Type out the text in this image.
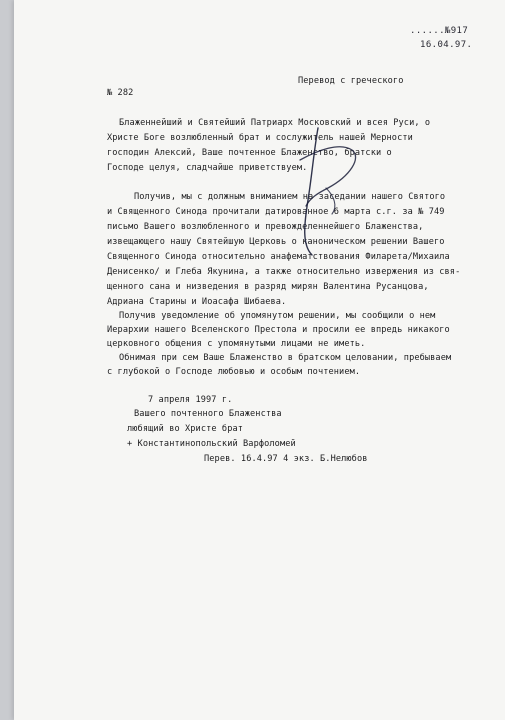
......№917
16.04.97.
Перевод с греческого
№ 282
Блаженнейший и Святейший Патриарх Московский и всея Руси, о
Христе Боге возлюбленный брат и сослужитель нашей Мерности
господин Алексий, Ваше почтенное Блаженство, братски о
Господе целуя, сладчайше приветствуем.
Получив, мы с должным вниманием на заседании нашего Святого
и Священного Синода прочитали датированное 6 марта с.г. за № 749
письмо Вашего возлюбленного и превожделеннейшего Блаженства,
извещающего нашу Святейшую Церковь о каноническом решении Вашего
Священного Синода относительно анафематствования Филарета/Михаила
Денисенко/ и Глеба Якунина, а также относительно извержения из свя-
щенного сана и низведения в разряд мирян Валентина Русанцова,
Адриана Старины и Иоасафа Шибаева.
Получив уведомление об упомянутом решении, мы сообщили о нем
Иерархии нашего Вселенского Престола и просили ее впредь никакого
церковного общения с упомянутыми лицами не иметь.
Обнимая при сем Ваше Блаженство в братском целовании, пребываем
с глубокой о Господе любовью и особым почтением.
7 апреля 1997 г.
Вашего почтенного Блаженства
любящий во Христе брат
+ Константинопольский Варфоломей
Перев. 16.4.97 4 экз. Б.Нелюбов
